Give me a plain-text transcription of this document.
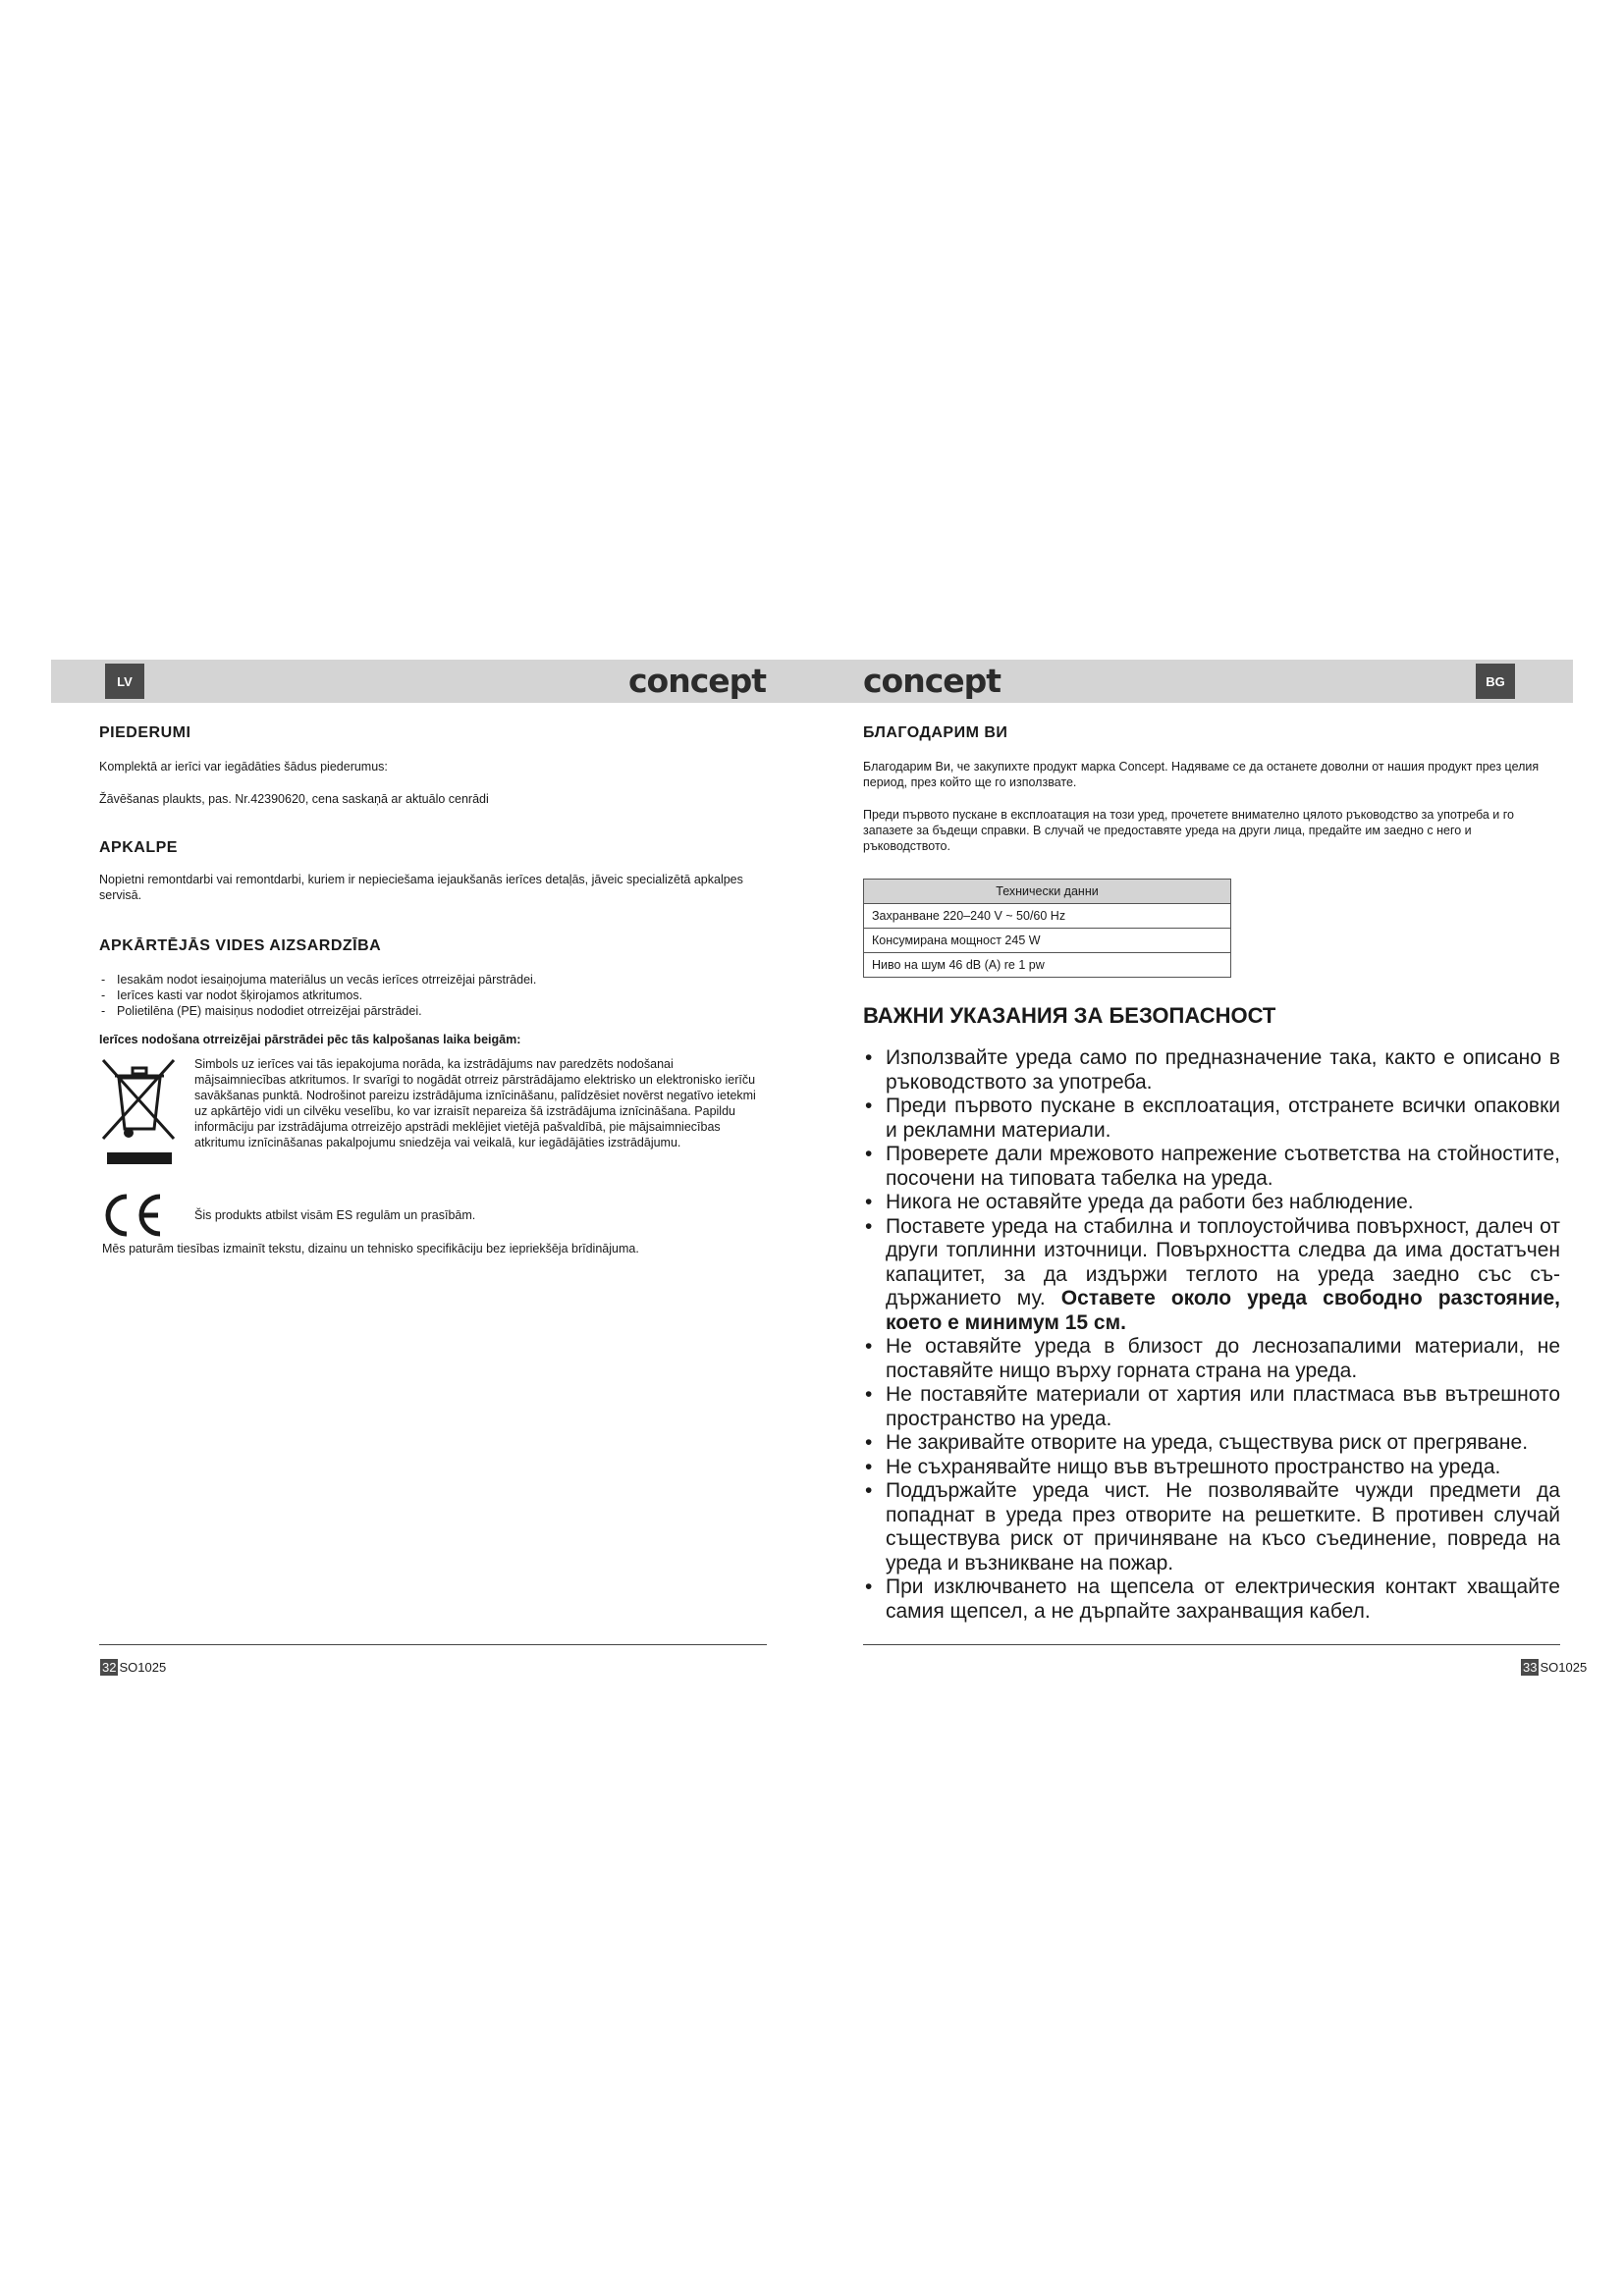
LV	concept
PIEDERUMI

Komplektā ar ierīci var iegādāties šādus piederumus:

Žāvēšanas plaukts, pas. Nr.42390620, cena saskaņā ar aktuālo cenrādi

APKALPE

Nopietni remontdarbi vai remontdarbi, kuriem ir nepieciešama iejaukšanās ierīces detaļās, jāveic specializētā apkalpes servisā.

APKĀRTĒJĀS VIDES AIZSARDZĪBA
- Iesakām nodot iesaiņojuma materiālus un vecās ierīces otrreizējai pārstrādei.
- Ierīces kasti var nodot šķirojamos atkritumos.
- Polietilēna (PE) maisiņus nododiet otrreizējai pārstrādei.
Ierīces nodošana otrreizējai pārstrādei pēc tās kalpošanas laika beigām:

Simbols uz ierīces vai tās iepakojuma norāda, ka izstrādājums nav paredzēts nodošanai mājsaimniecības atkritumos. Ir svarīgi to nogādāt otrreiz pārstrādājamo elektrisko un elektronisko ierīču savākšanas punktā. Nodrošinot pareizu izstrādājuma iznīcināšanu, palīdzēsiet novērst negatīvo ietekmi uz apkārtējo vidi un cilvēku veselību, ko var izraisīt nepareiza šā izstrādājuma iznīcināšana. Papildu informāciju par izstrādājuma otrreizējo apstrādi meklējiet vietējā pašvaldībā, pie mājsaimniecības atkritumu iznīcināšanas pakalpojumu sniedzēja vai veikalā, kur iegādājāties izstrādājumu.

Šis produkts atbilst visām ES regulām un prasībām.

Mēs paturām tiesības izmainīt tekstu, dizainu un tehnisko specifikāciju bez iepriekšēja brīdinājuma.

32 SO1025
BG
concept
БЛАГОДАРИМ ВИ

Благодарим Ви, че закупихте продукт марка Concept. Надяваме се да останете доволни от нашия продукт през целия период, през който ще го използвате.

Преди първото пускане в експлоатация на този уред, прочетете внимателно цялото ръководство за употреба и го запазете за бъдещи справки. В случай че предоставяте уреда на други лица, предайте им заедно с него и ръководството.

Технически данни
Захранване 220–240 V ~ 50/60 Hz
Консумирана мощност 245 W
Ниво на шум 46 dB (A) re 1 pw
ВАЖНИ УКАЗАНИЯ ЗА БЕЗОПАСНОСТ
• Използвайте уреда само по предназначение така, както е описано в ръководството за употреба.
• Преди първото пускане в експлоатация, отстранете всички опаковки и рекламни материали.
• Проверете дали мрежовото напрежение съответства на стойностите, посочени на типовата табелка на уреда.
• Никога не оставяйте уреда да работи без наблюдение.
• Поставете уреда на стабилна и топлоустойчива повърхност, далеч от други топлинни източници. Повърхността следва да има достатъчен капацитет, за да издържи теглото на уреда заедно със съ- държанието му. Оставете около уреда свободно разстояние, което е минимум 15 см.
• Не оставяйте уреда в близост до леснозапалими материали, не поставяйте нищо върху горната страна на уреда.
• Не поставяйте материали от хартия или пластмаса във вътрешното пространство на уреда.
• Не закривайте отворите на уреда, съществува риск от прегряване.
• Не съхранявайте нищо във вътрешното пространство на уреда.
• Поддържайте уреда чист. Не позволявайте чужди предмети да попаднат в уреда през отворите на решетките. В противен случай съществува риск от причиняване на късо съединение, повреда на уреда и възникване на пожар.
• При изключването на щепсела от електрическия контакт хващайте самия щепсел, а не дърпайте захранващия кабел.
33 SO1025
